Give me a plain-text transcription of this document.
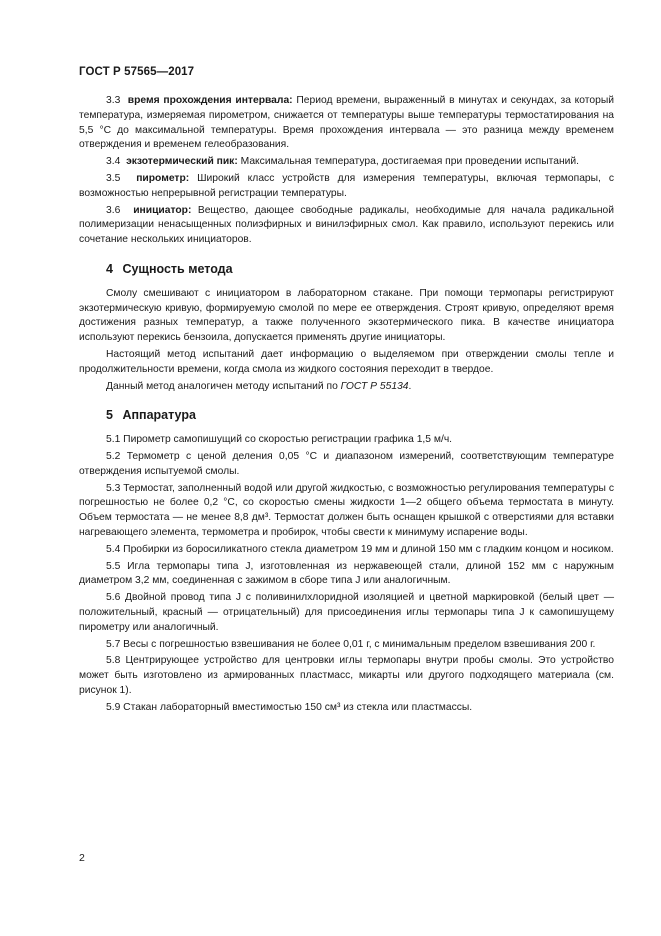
ГОСТ Р 57565—2017

3.3 время прохождения интервала: Период времени, выраженный в минутах и секундах, за который температура, измеряемая пирометром, снижается от температуры выше температуры термостатирования на 5,5 °C до максимальной температуры. Время прохождения интервала — это разница между временем отверждения и временем гелеобразования.

3.4 экзотермический пик: Максимальная температура, достигаемая при проведении испытаний.

3.5 пирометр: Широкий класс устройств для измерения температуры, включая термопары, с возможностью непрерывной регистрации температуры.

3.6 инициатор: Вещество, дающее свободные радикалы, необходимые для начала радикальной полимеризации ненасыщенных полиэфирных и винилэфирных смол. Как правило, используют перекись или сочетание нескольких инициаторов.

4 Сущность метода

Смолу смешивают с инициатором в лабораторном стакане. При помощи термопары регистрируют экзотермическую кривую, формируемую смолой по мере ее отверждения. Строят кривую, определяют время достижения разных температур, а также полученного экзотермического пика. В качестве инициатора используют перекись бензоила, допускается применять другие инициаторы.

Настоящий метод испытаний дает информацию о выделяемом при отверждении смолы тепле и продолжительности времени, когда смола из жидкого состояния переходит в твердое.

Данный метод аналогичен методу испытаний по ГОСТ Р 55134.

5 Аппаратура

5.1 Пирометр самопишущий со скоростью регистрации графика 1,5 м/ч.

5.2 Термометр с ценой деления 0,05 °C и диапазоном измерений, соответствующим температуре отверждения испытуемой смолы.

5.3 Термостат, заполненный водой или другой жидкостью, с возможностью регулирования температуры с погрешностью не более 0,2 °C, со скоростью смены жидкости 1—2 общего объема термостата в минуту. Объем термостата — не менее 8,8 дм³. Термостат должен быть оснащен крышкой с отверстиями для вставки нагревающего элемента, термометра и пробирок, чтобы свести к минимуму испарение воды.

5.4 Пробирки из боросиликатного стекла диаметром 19 мм и длиной 150 мм с гладким концом и носиком.

5.5 Игла термопары типа J, изготовленная из нержавеющей стали, длиной 152 мм с наружным диаметром 3,2 мм, соединенная с зажимом в сборе типа J или аналогичным.

5.6 Двойной провод типа J с поливинилхлоридной изоляцией и цветной маркировкой (белый цвет — положительный, красный — отрицательный) для присоединения иглы термопары типа J к самопишущему пирометру или аналогичный.

5.7 Весы с погрешностью взвешивания не более 0,01 г, с минимальным пределом взвешивания 200 г.

5.8 Центрирующее устройство для центровки иглы термопары внутри пробы смолы. Это устройство может быть изготовлено из армированных пластмасс, микарты или другого подходящего материала (см. рисунок 1).

5.9 Стакан лабораторный вместимостью 150 см³ из стекла или пластмассы.

2
